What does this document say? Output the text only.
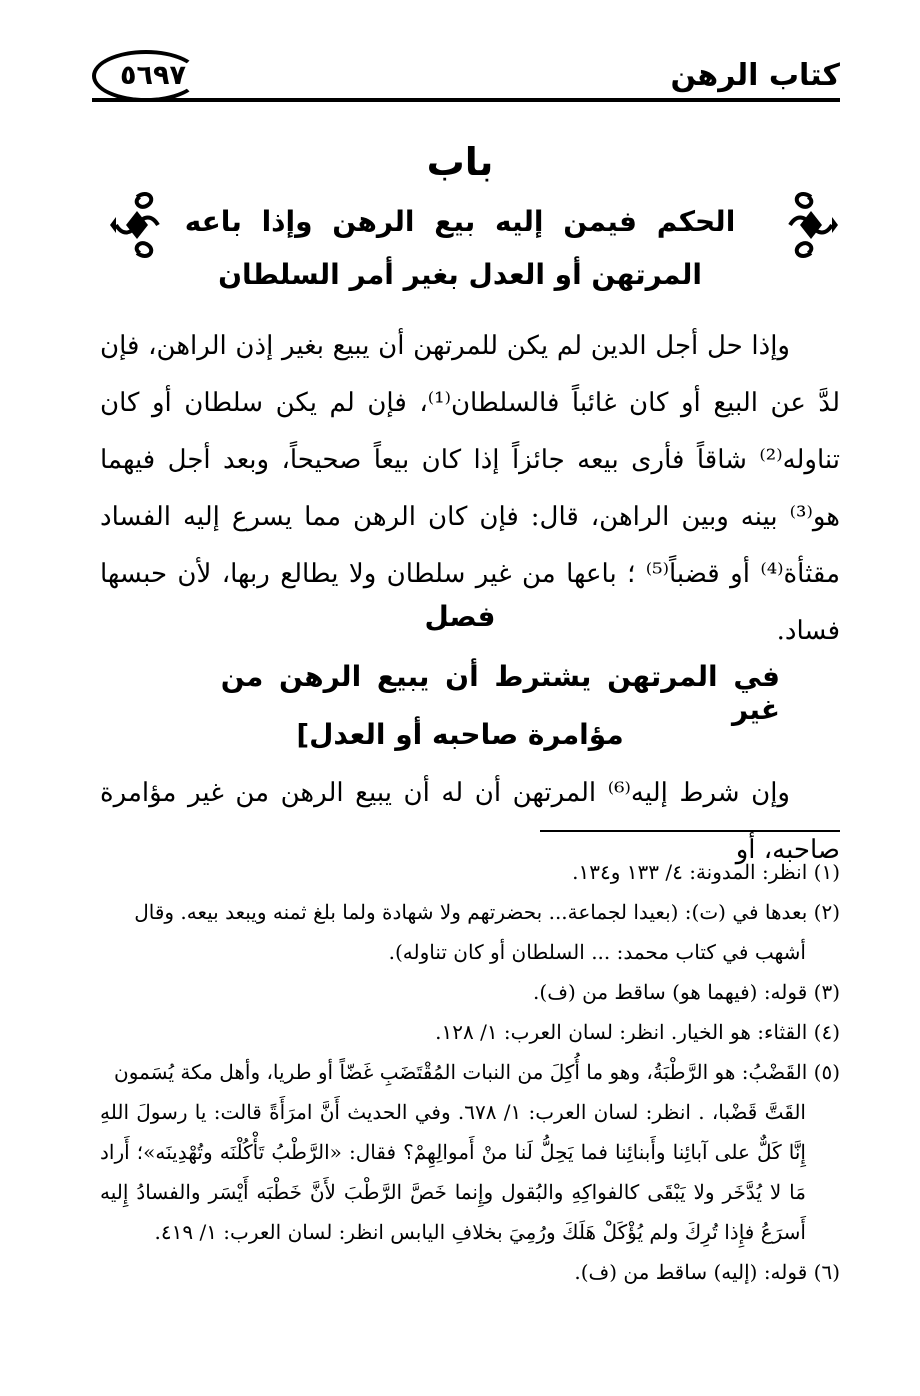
كتاب الرهن
٥٦٩٧
باب
الحكم فيمن إليه بيع الرهن وإذا باعه
المرتهن أو العدل بغير أمر السلطان
وإذا حل أجل الدين لم يكن للمرتهن أن يبيع بغير إذن الراهن، فإن لدَّ عن البيع أو كان غائباً فالسلطان⁽¹⁾، فإن لم يكن سلطان أو كان تناوله⁽²⁾ شاقاً فأرى بيعه جائزاً إذا كان بيعاً صحيحاً، وبعد أجل فيهما هو⁽³⁾ بينه وبين الراهن، قال: فإن كان الرهن مما يسرع إليه الفساد مقثأة⁽⁴⁾ أو قضباً⁽⁵⁾ ؛ باعها من غير سلطان ولا يطالع ربها، لأن حبسها فساد.
فصل
في المرتهن يشترط أن يبيع الرهن من غير
مؤامرة صاحبه أو العدل]
وإن شرط إليه⁽⁶⁾ المرتهن أن له أن يبيع الرهن من غير مؤامرة صاحبه، أو

(١) انظر: المدونة: ٤/ ١٣٣ و١٣٤.

(٢) بعدها في (ت): (بعيدا لجماعة... بحضرتهم ولا شهادة ولما بلغ ثمنه ويبعد بيعه. وقال
أشهب في كتاب محمد: ... السلطان أو كان تناوله).

(٣) قوله: (فيهما هو) ساقط من (ف).

(٤) القثاء: هو الخيار. انظر: لسان العرب: ١/ ١٢٨.

(٥) القَضْبُ: هو الرَّطْبَةُ، وهو ما أُكِلَ من النبات المُقْتَضَبِ غَضّاً أو طريا، وأهل مكة يُسَمون
القَتَّ قَضْبا، . انظر: لسان العرب: ١/ ٦٧٨. وفي الحديث أَنَّ امرَأَةً قالت: يا رسولَ اللهِ إِنَّا كَلٌّ على آبائِنا وأَبنائِنا فما يَحِلُّ لَنا منْ أَموالِهِمْ؟ فقال: «الرَّطْبُ تَأْكُلْنَه وتُهْدِينَه»؛ أَراد مَا لا يُدَّخَر ولا يَبْقَى كالفواكِهِ والبُقول وإِنما خَصَّ الرَّطْبَ لأَنَّ خَطْبَه أَيْسَر والفسادُ إِليه أَسرَعُ فإِذا تُرِكَ ولم يُؤْكَلْ هَلَكَ ورُمِيَ بخلافِ اليابس انظر: لسان العرب: ١/ ٤١٩.

(٦) قوله: (إليه) ساقط من (ف).
